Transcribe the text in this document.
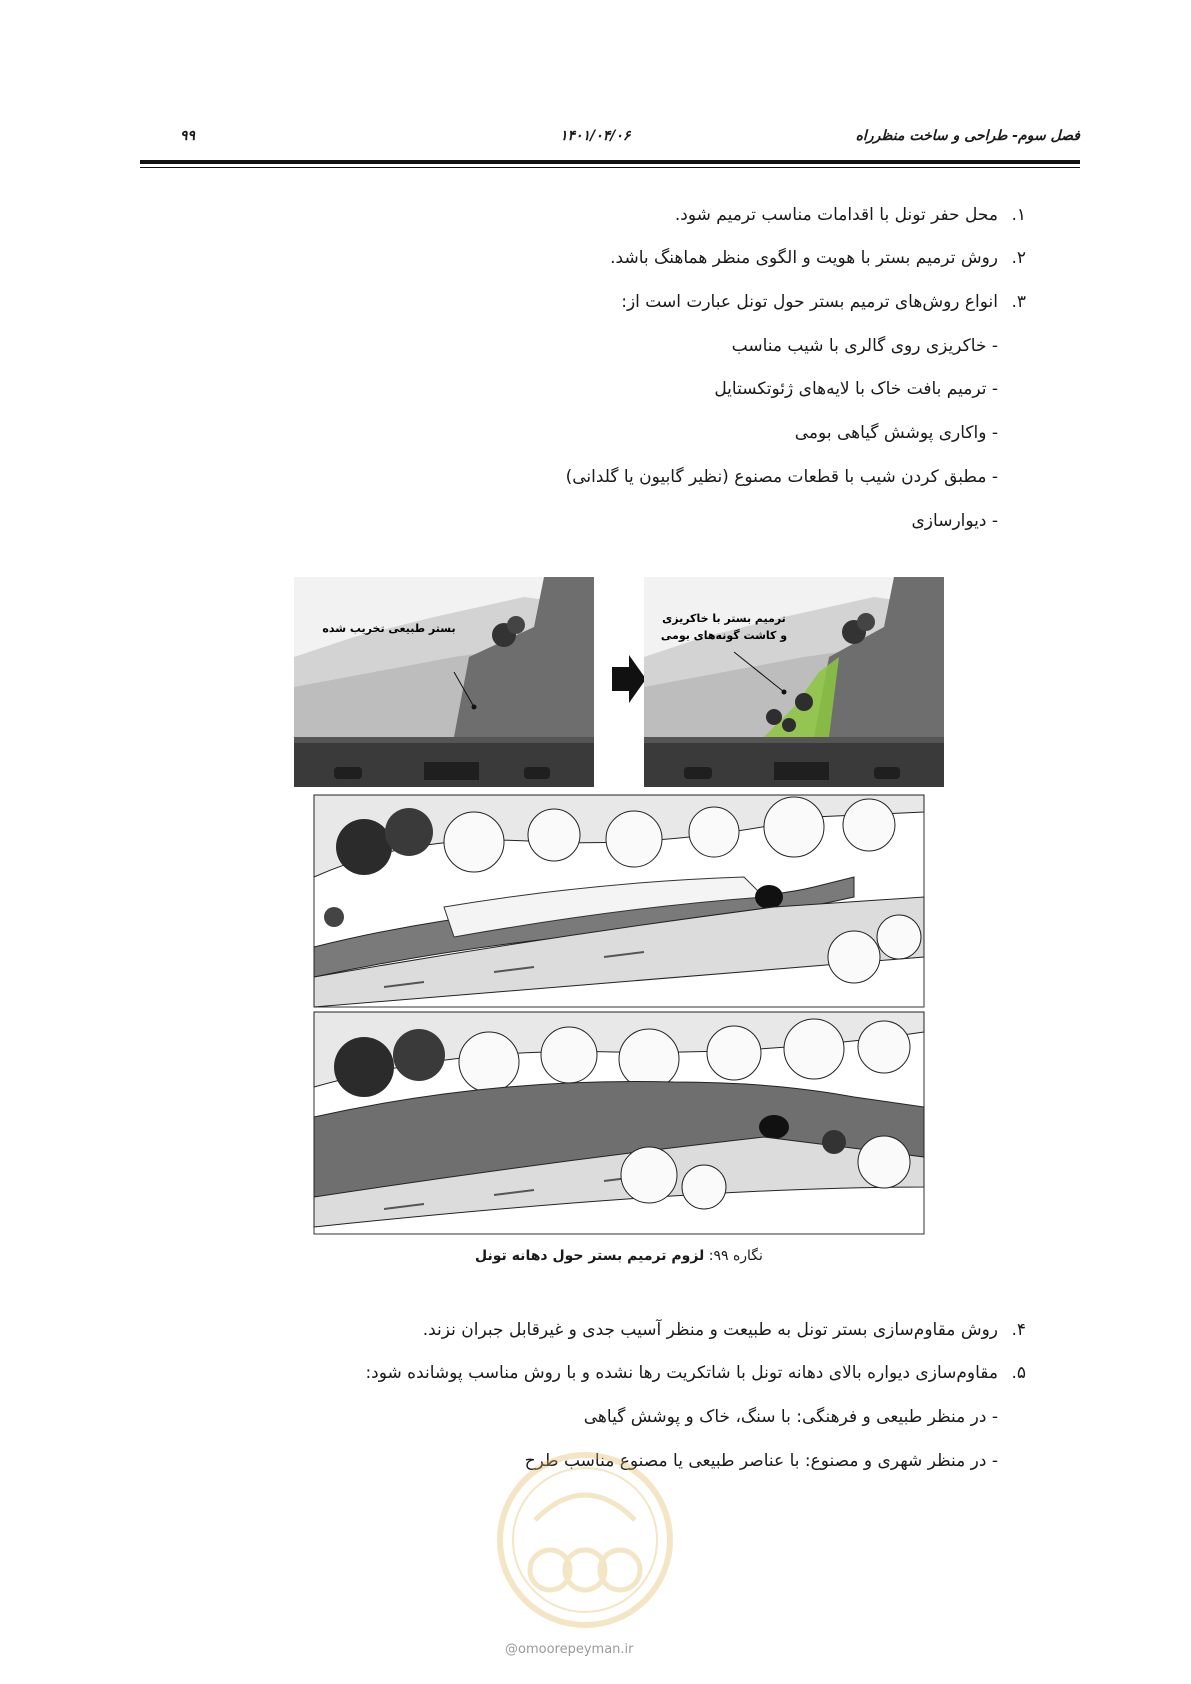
فصل سوم- طراحی و ساخت منظرراه
۱۴۰۱/۰۴/۰۶
۹۹
۱.محل حفر تونل با اقدامات مناسب ترمیم شود.
۲.روش ترمیم بستر با هویت و الگوی منظر هماهنگ باشد.
۳.انواع روش‌های ترمیم بستر حول تونل عبارت است از:
- خاکریزی روی گالری با شیب مناسب
- ترمیم بافت خاک با لایه‌های ژئوتکستایل
- واکاری پوشش گیاهی بومی
- مطبق کردن شیب با قطعات مصنوع (نظیر گابیون یا گلدانی)
- دیوارسازی
بستر طبیعی تخریب شده
ترمیم بستر با خاکریزی
و کاشت گونه‌های بومی
نگاره ۹۹: لزوم ترمیم بستر حول دهانه تونل
۴.روش مقاوم‌سازی بستر تونل به طبیعت و منظر آسیب جدی و غیرقابل جبران نزند.
۵.مقاوم‌سازی دیواره بالای دهانه تونل با شاتکریت رها نشده و با روش مناسب پوشانده شود:
- در منظر طبیعی و فرهنگی: با سنگ، خاک و پوشش گیاهی
- در منظر شهری و مصنوع: با عناصر طبیعی یا مصنوع مناسب طرح
@omoorepeyman.ir
